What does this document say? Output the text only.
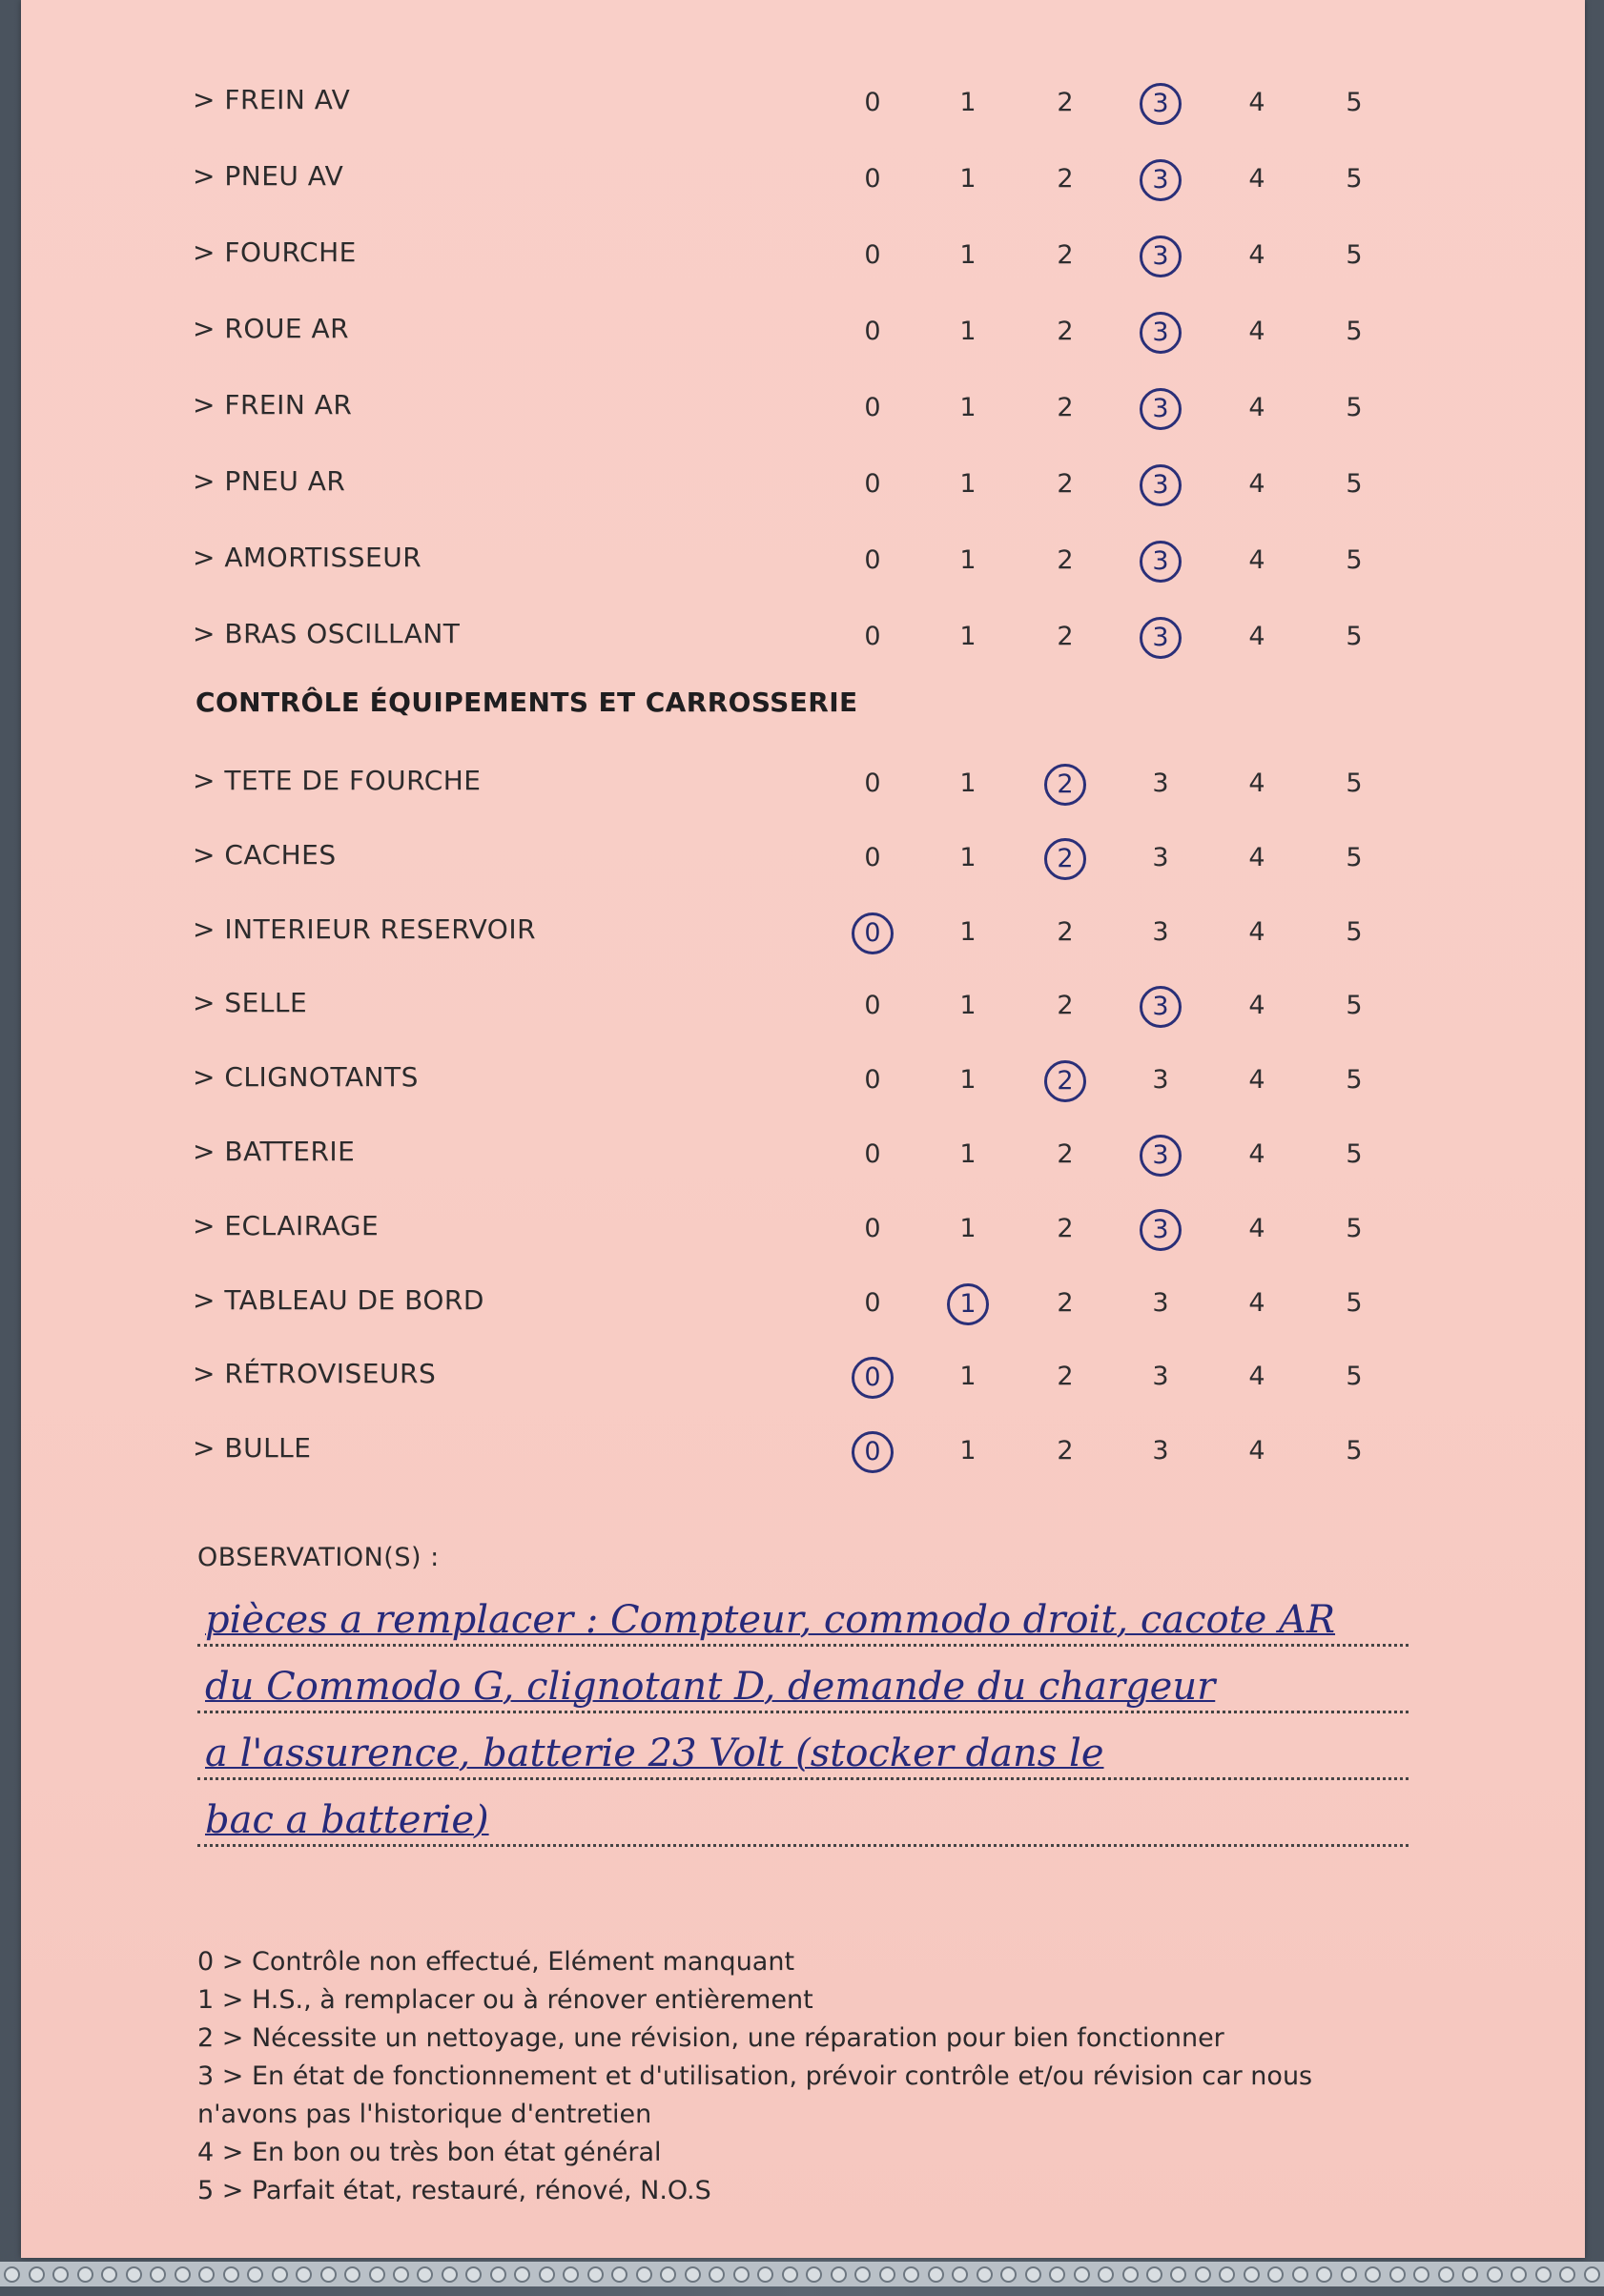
> FREIN AV	0	1	2	3	4	5
> PNEU AV	0	1	2	3	4	5
> FOURCHE	0	1	2	3	4	5
> ROUE AR	0	1	2	3	4	5
> FREIN AR	0	1	2	3	4	5
> PNEU AR	0	1	2	3	4	5
> AMORTISSEUR	0	1	2	3	4	5
> BRAS OSCILLANT	0	1	2	3	4	5
CONTRÔLE ÉQUIPEMENTS ET CARROSSERIE
> TETE DE FOURCHE	0	1	2	3	4	5
> CACHES	0	1	2	3	4	5
> INTERIEUR RESERVOIR	0	1	2	3	4	5
> SELLE	0	1	2	3	4	5
> CLIGNOTANTS	0	1	2	3	4	5
> BATTERIE	0	1	2	3	4	5
> ECLAIRAGE	0	1	2	3	4	5
> TABLEAU DE BORD	0	1	2	3	4	5
> RÉTROVISEURS	0	1	2	3	4	5
> BULLE	0	1	2	3	4	5
OBSERVATION(S) :
pièces a remplacer : Compteur, commodo droit, cacote AR
du Commodo G, clignotant D, demande du chargeur
a l'assurence, batterie 23 Volt (stocker dans le
bac a batterie)

0 > Contrôle non effectué, Elément manquant

1 > H.S., à remplacer ou à rénover entièrement

2 > Nécessite un nettoyage, une révision, une réparation pour bien fonctionner

3 > En état de fonctionnement et d'utilisation, prévoir contrôle et/ou révision car nous n'avons pas l'historique d'entretien

4 > En bon ou très bon état général

5 > Parfait état, restauré, rénové, N.O.S
